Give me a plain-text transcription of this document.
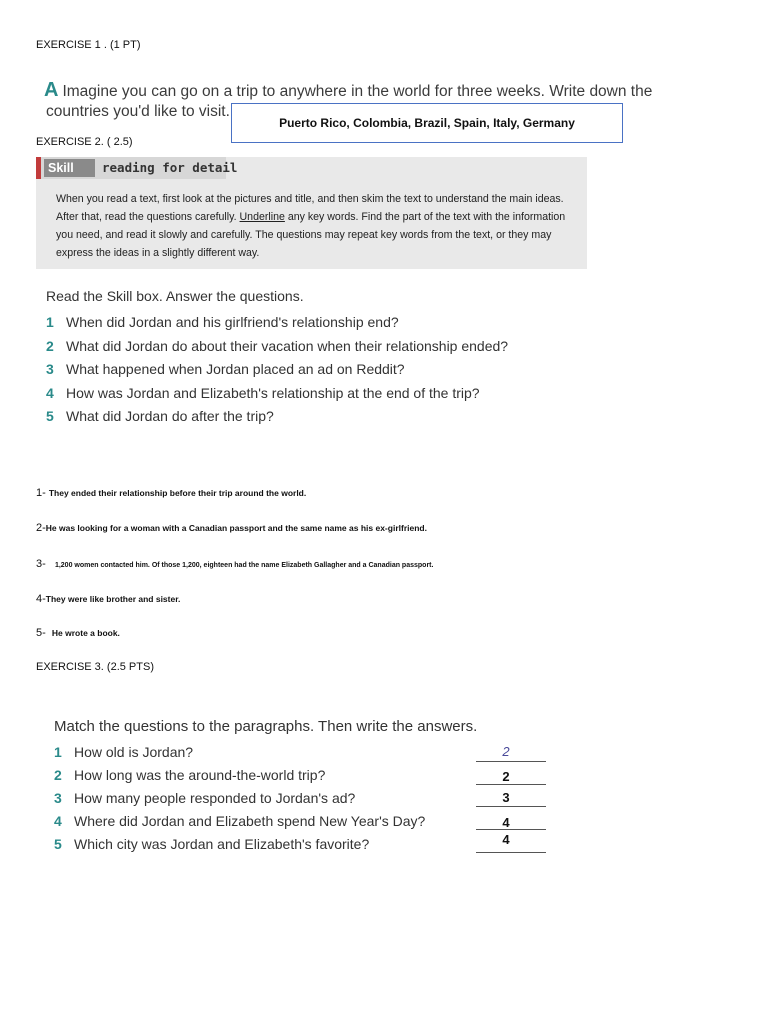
EXERCISE 1 . (1 PT)
A Imagine you can go on a trip to anywhere in the world for three weeks. Write down the
countries you'd like to visit.
Puerto Rico, Colombia, Brazil, Spain, Italy, Germany
EXERCISE 2. ( 2.5)
Skill	reading for detail
When you read a text, first look at the pictures and title, and then skim the text to understand the main ideas. After that, read the questions carefully. Underline any key words. Find the part of the text with the information you need, and read it slowly and carefully. The questions may repeat key words from the text, or they may express the ideas in a slightly different way.
Read the Skill box. Answer the questions.
1 When did Jordan and his girlfriend's relationship end?
2 What did Jordan do about their vacation when their relationship ended?
3 What happened when Jordan placed an ad on Reddit?
4 How was Jordan and Elizabeth's relationship at the end of the trip?
5 What did Jordan do after the trip?
1-
They ended their relationship before their trip around the world.
2- He was looking for a woman with a Canadian passport and the same name as his ex-girlfriend.
3-
1,200 women contacted him. Of those 1,200, eighteen had the name Elizabeth Gallagher and a Canadian passport.
4- They were like brother and sister.
5-
He wrote a book.
EXERCISE 3. (2.5 PTS)
Match the questions to the paragraphs. Then write the answers.
1 How old is Jordan?
2 How long was the around-the-world trip?
3 How many people responded to Jordan's ad?
4 Where did Jordan and Elizabeth spend New Year's Day?
5 Which city was Jordan and Elizabeth's favorite?
2
2
3
4
4
